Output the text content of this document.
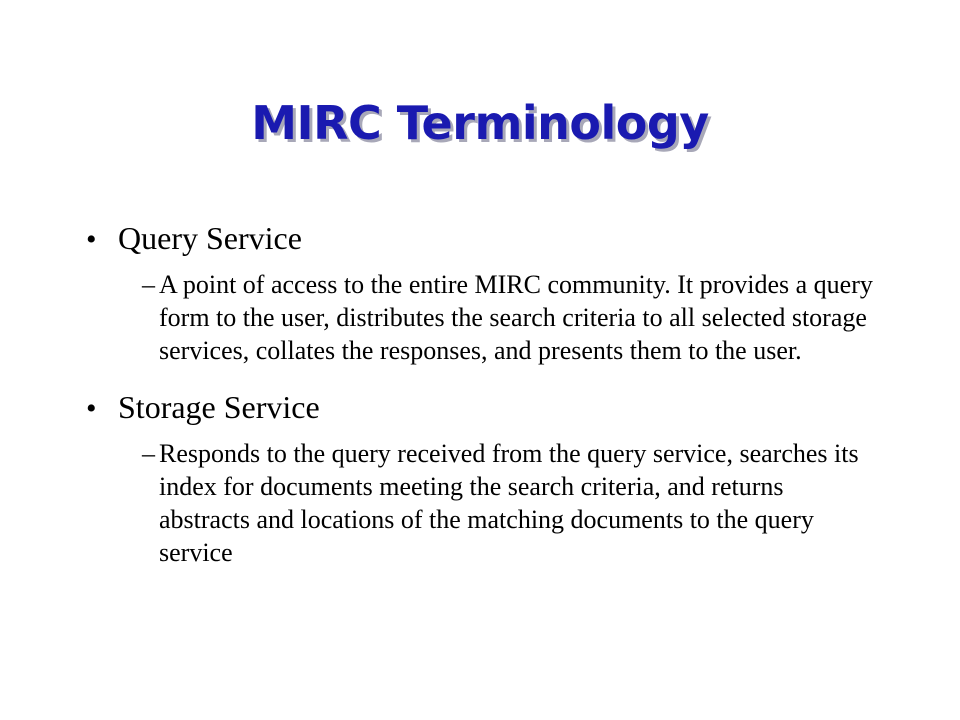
MIRC Terminology
• Query Service
– A point of access to the entire MIRC community. It provides a query form to the user, distributes the search criteria to all selected storage services, collates the responses, and presents them to the user.
• Storage Service
– Responds to the query received from the query service, searches its index for documents meeting the search criteria, and returns abstracts and locations of the matching documents to the query service
